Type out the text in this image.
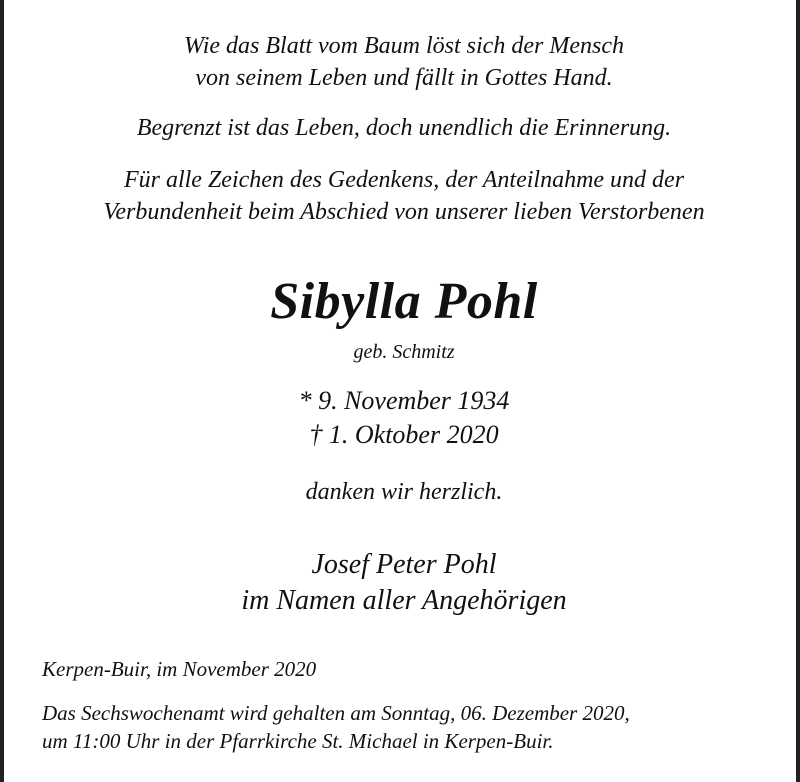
Wie das Blatt vom Baum löst sich der Mensch
von seinem Leben und fällt in Gottes Hand.
Begrenzt ist das Leben, doch unendlich die Erinnerung.
Für alle Zeichen des Gedenkens, der Anteilnahme und der
Verbundenheit beim Abschied von unserer lieben Verstorbenen
Sibylla Pohl
geb. Schmitz
* 9. November 1934
† 1. Oktober 2020
danken wir herzlich.
Josef Peter Pohl
im Namen aller Angehörigen
Kerpen-Buir, im November 2020
Das Sechswochenamt wird gehalten am Sonntag, 06. Dezember 2020,
um 11:00 Uhr in der Pfarrkirche St. Michael in Kerpen-Buir.
